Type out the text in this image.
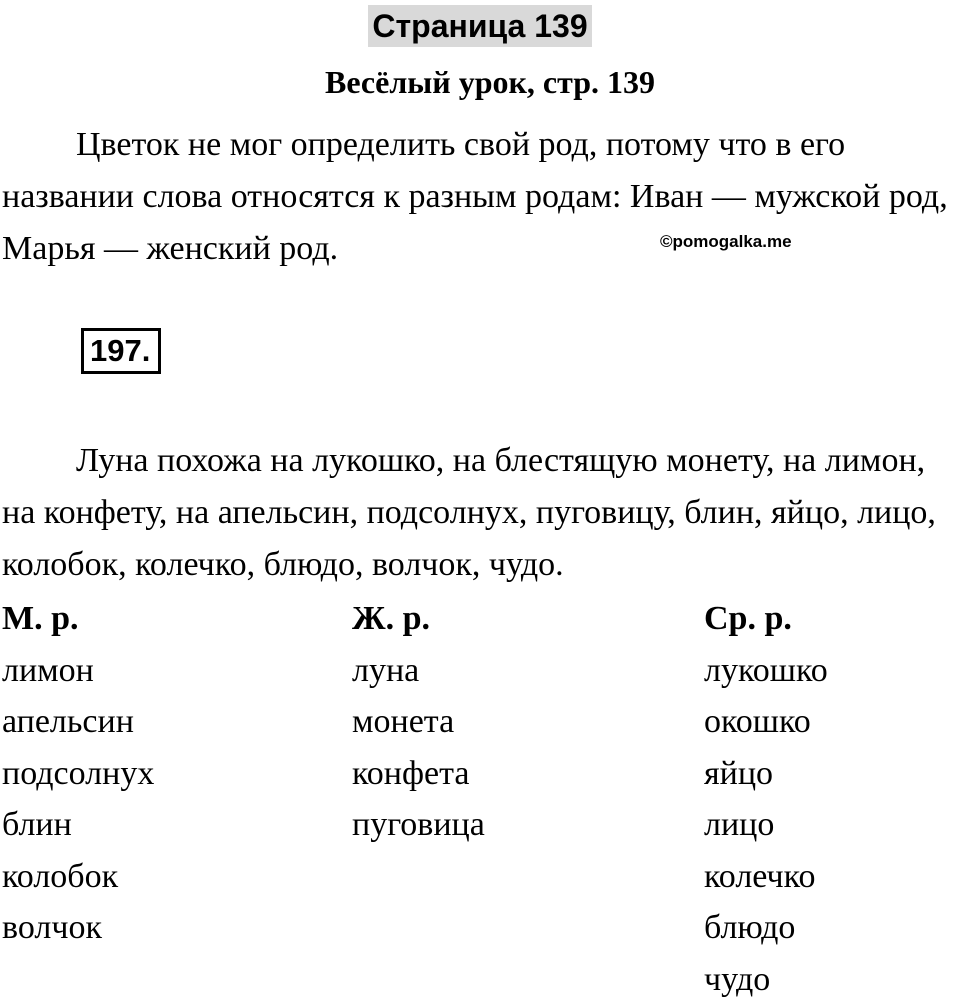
Страница 139
Весёлый урок, стр. 139
Цветок не мог определить свой род, потому что в его названии слова относятся к разным родам: Иван — мужской род, Марья — женский род.	©pomogalka.me
197.
Луна похожа на лукошко, на блестящую монету, на лимон, на конфету, на апельсин, подсолнух, пуговицу, блин, яйцо, лицо, колобок, колечко, блюдо, волчок, чудо.
М. р.
лимон
апельсин
подсолнух
блин
колобок
волчок
Ж. р.
луна
монета
конфета
пуговица
Ср. р.
лукошко
окошко
яйцо
лицо
колечко
блюдо
чудо
